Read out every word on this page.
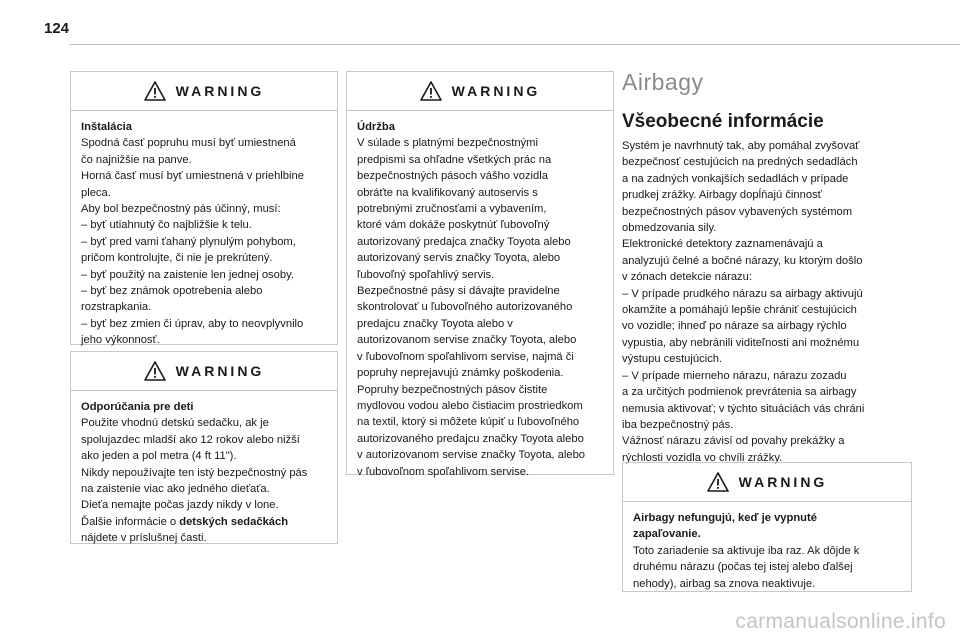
124
WARNING

Inštalácia
Spodná časť popruhu musí byť umiestnená
čo najnižšie na panve.
Horná časť musí byť umiestnená v priehlbine
pleca.
Aby bol bezpečnostný pás účinný, musí:
– byť utiahnutý čo najbližšie k telu.
– byť pred vami ťahaný plynulým pohybom,
pričom kontrolujte, či nie je prekrútený.
– byť použitý na zaistenie len jednej osoby.
– byť bez známok opotrebenia alebo
rozstrapkania.
– byť bez zmien či úprav, aby to neovplyvnilo
jeho výkonnosť.

WARNING

Odporúčania pre deti
Použite vhodnú detskú sedačku, ak je
spolujazdec mladší ako 12 rokov alebo nižší
ako jeden a pol metra (4 ft 11").
Nikdy nepoužívajte ten istý bezpečnostný pás
na zaistenie viac ako jedného dieťaťa.
Dieťa nemajte počas jazdy nikdy v lone.
Ďalšie informácie o detských sedačkách
nájdete v príslušnej časti.

WARNING

Údržba
V súlade s platnými bezpečnostnými
predpismi sa ohľadne všetkých prác na
bezpečnostných pásoch vášho vozidla
obráťte na kvalifikovaný autoservis s
potrebnými zručnosťami a vybavením,
ktoré vám dokáže poskytnúť ľubovoľný
autorizovaný predajca značky Toyota alebo
autorizovaný servis značky Toyota, alebo
ľubovoľný spoľahlivý servis.
Bezpečnostné pásy si dávajte pravidelne
skontrolovať u ľubovoľného autorizovaného
predajcu značky Toyota alebo v
autorizovanom servise značky Toyota, alebo
v ľubovoľnom spoľahlivom servise, najmä či
popruhy neprejavujú známky poškodenia.
Popruhy bezpečnostných pásov čistite
mydlovou vodou alebo čistiacim prostriedkom
na textil, ktorý si môžete kúpiť u ľubovoľného
autorizovaného predajcu značky Toyota alebo
v autorizovanom servise značky Toyota, alebo
v ľubovoľnom spoľahlivom servise.

Airbagy
Všeobecné informácie

Systém je navrhnutý tak, aby pomáhal zvyšovať
bezpečnosť cestujúcich na predných sedadlách
a na zadných vonkajších sedadlách v prípade
prudkej zrážky. Airbagy dopĺňajú činnosť
bezpečnostných pásov vybavených systémom
obmedzovania sily.
Elektronické detektory zaznamenávajú a
analyzujú čelné a bočné nárazy, ku ktorým došlo
v zónach detekcie nárazu:
– V prípade prudkého nárazu sa airbagy aktivujú
okamžite a pomáhajú lepšie chrániť cestujúcich
vo vozidle; ihneď po náraze sa airbagy rýchlo
vypustia, aby nebránili viditeľnosti ani možnému
výstupu cestujúcich.
– V prípade mierneho nárazu, nárazu zozadu
a za určitých podmienok prevrátenia sa airbagy
nemusia aktivovať; v týchto situáciách vás chráni
iba bezpečnostný pás.
Vážnosť nárazu závisí od povahy prekážky a
rýchlosti vozidla vo chvíli zrážky.

WARNING

Airbagy nefungujú, keď je vypnuté
zapaľovanie.
Toto zariadenie sa aktivuje iba raz. Ak dôjde k
druhému nárazu (počas tej istej alebo ďalšej
nehody), airbag sa znova neaktivuje.

carmanualsonline.info
